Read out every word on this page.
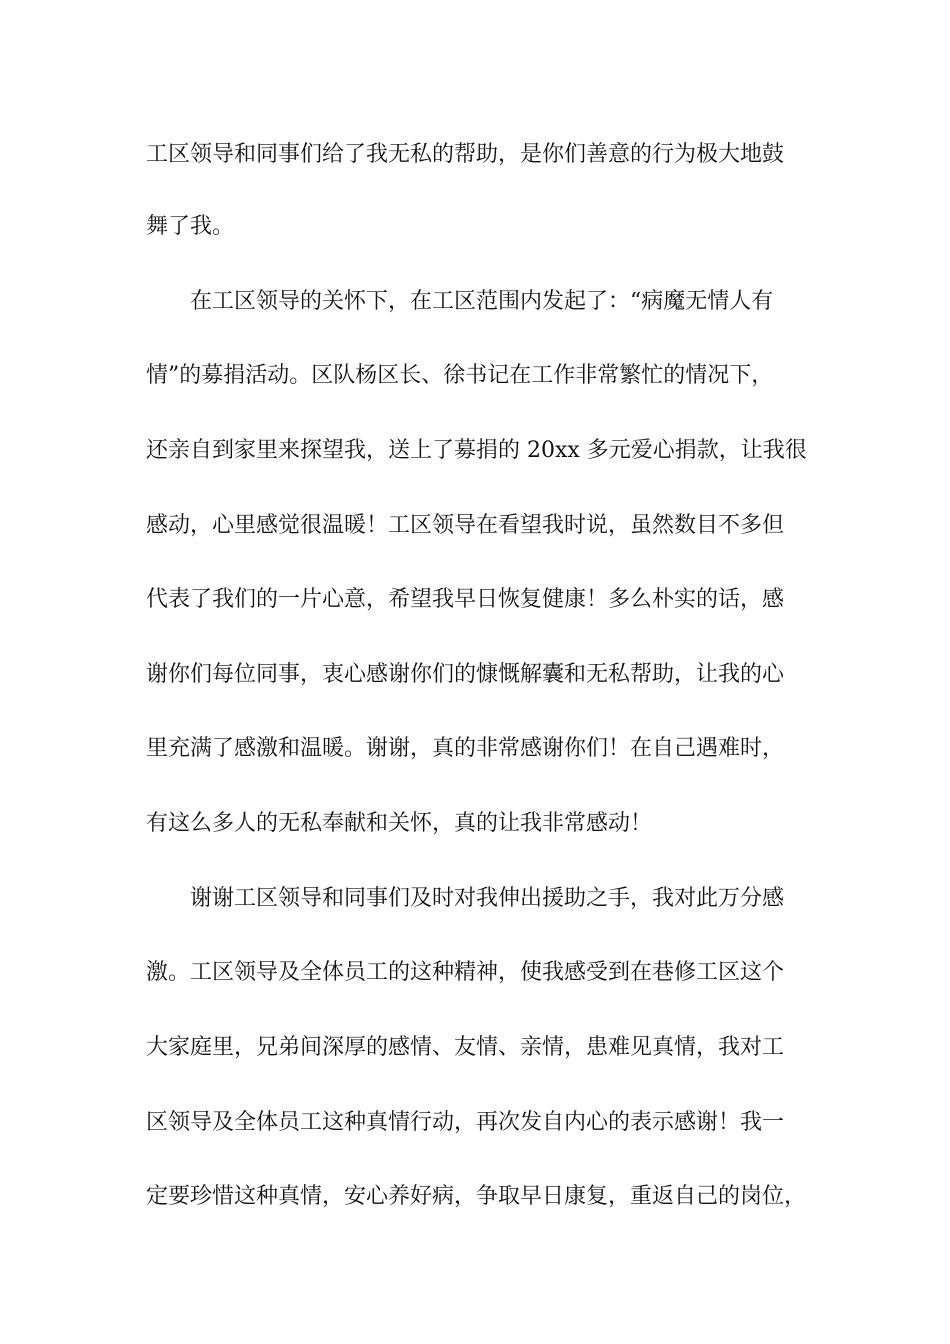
工区领导和同事们给了我无私的帮助，是你们善意的行为极大地鼓
舞了我。
在工区领导的关怀下，在工区范围内发起了：“病魔无情人有
情”的募捐活动。区队杨区长、徐书记在工作非常繁忙的情况下，
还亲自到家里来探望我，送上了募捐的 20xx 多元爱心捐款，让我很
感动，心里感觉很温暖！工区领导在看望我时说，虽然数目不多但
代表了我们的一片心意，希望我早日恢复健康！多么朴实的话，感
谢你们每位同事，衷心感谢你们的慷慨解囊和无私帮助，让我的心
里充满了感激和温暖。谢谢，真的非常感谢你们！在自己遇难时，
有这么多人的无私奉献和关怀，真的让我非常感动！
谢谢工区领导和同事们及时对我伸出援助之手，我对此万分感
激。工区领导及全体员工的这种精神，使我感受到在巷修工区这个
大家庭里，兄弟间深厚的感情、友情、亲情，患难见真情，我对工
区领导及全体员工这种真情行动，再次发自内心的表示感谢！我一
定要珍惜这种真情，安心养好病，争取早日康复，重返自己的岗位，
